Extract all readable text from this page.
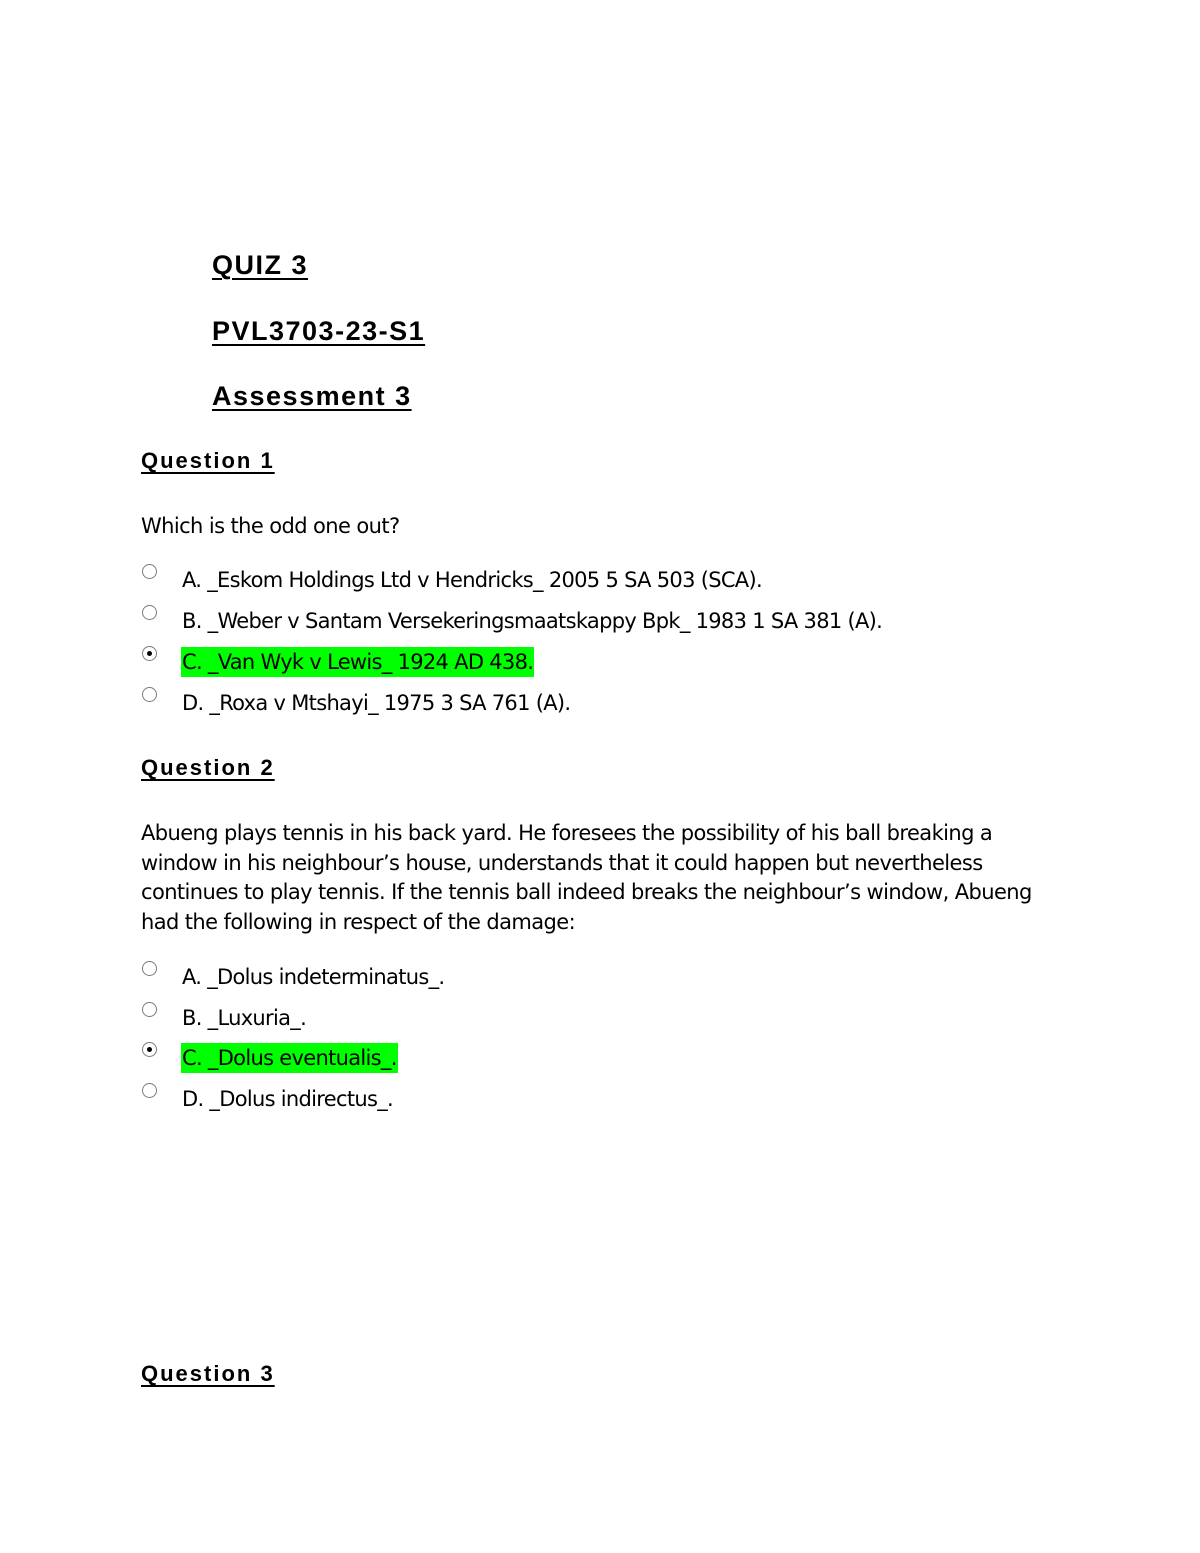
QUIZ 3
PVL3703-23-S1
Assessment 3
Question 1
Which is the odd one out?
A. _Eskom Holdings Ltd v Hendricks_ 2005 5 SA 503 (SCA).
B. _Weber v Santam Versekeringsmaatskappy Bpk_ 1983 1 SA 381 (A).
C. _Van Wyk v Lewis_ 1924 AD 438.
D. _Roxa v Mtshayi_ 1975 3 SA 761 (A).
Question 2
Abueng plays tennis in his back yard. He foresees the possibility of his ball breaking a window in his neighbour’s house, understands that it could happen but nevertheless continues to play tennis. If the tennis ball indeed breaks the neighbour’s window, Abueng had the following in respect of the damage:
A. _Dolus indeterminatus_.
B. _Luxuria_.
C. _Dolus eventualis_.
D. _Dolus indirectus_.
Question 3
